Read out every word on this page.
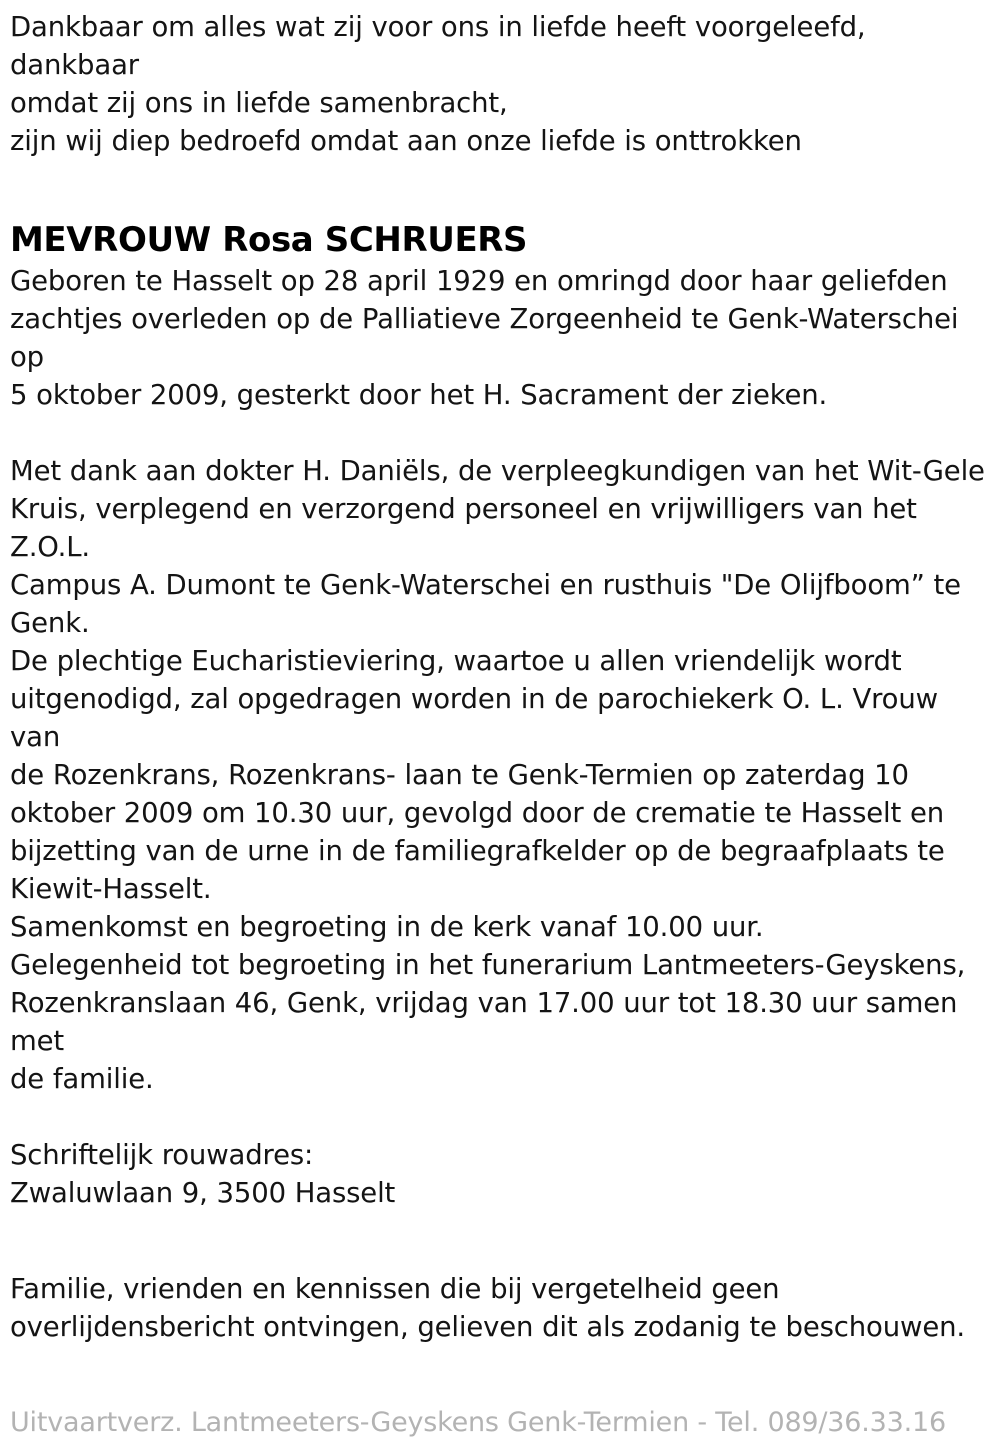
Dankbaar om alles wat zij voor ons in liefde heeft voorgeleefd, dankbaar
omdat zij ons in liefde samenbracht,
zijn wij diep bedroefd omdat aan onze liefde is onttrokken
MEVROUW Rosa SCHRUERS
Geboren te Hasselt op 28 april 1929 en omringd door haar geliefden
zachtjes overleden op de Palliatieve Zorgeenheid te Genk-Waterschei op
5 oktober 2009, gesterkt door het H. Sacrament der zieken.
Met dank aan dokter H. Daniëls, de verpleegkundigen van het Wit-Gele
Kruis, verplegend en verzorgend personeel en vrijwilligers van het Z.O.L.
Campus A. Dumont te Genk-Waterschei en rusthuis "De Olijfboom” te
Genk.
De plechtige Eucharistieviering, waartoe u allen vriendelijk wordt
uitgenodigd, zal opgedragen worden in de parochiekerk O. L. Vrouw van
de Rozenkrans, Rozenkrans- laan te Genk-Termien op zaterdag 10
oktober 2009 om 10.30 uur, gevolgd door de crematie te Hasselt en
bijzetting van de urne in de familiegrafkelder op de begraafplaats te
Kiewit-Hasselt.
Samenkomst en begroeting in de kerk vanaf 10.00 uur.
Gelegenheid tot begroeting in het funerarium Lantmeeters-Geyskens,
Rozenkranslaan 46, Genk, vrijdag van 17.00 uur tot 18.30 uur samen met
de familie.
Schriftelijk rouwadres:
Zwaluwlaan 9, 3500 Hasselt
Familie, vrienden en kennissen die bij vergetelheid geen
overlijdensbericht ontvingen, gelieven dit als zodanig te beschouwen.
Uitvaartverz. Lantmeeters-Geyskens Genk-Termien - Tel. 089/36.33.16
